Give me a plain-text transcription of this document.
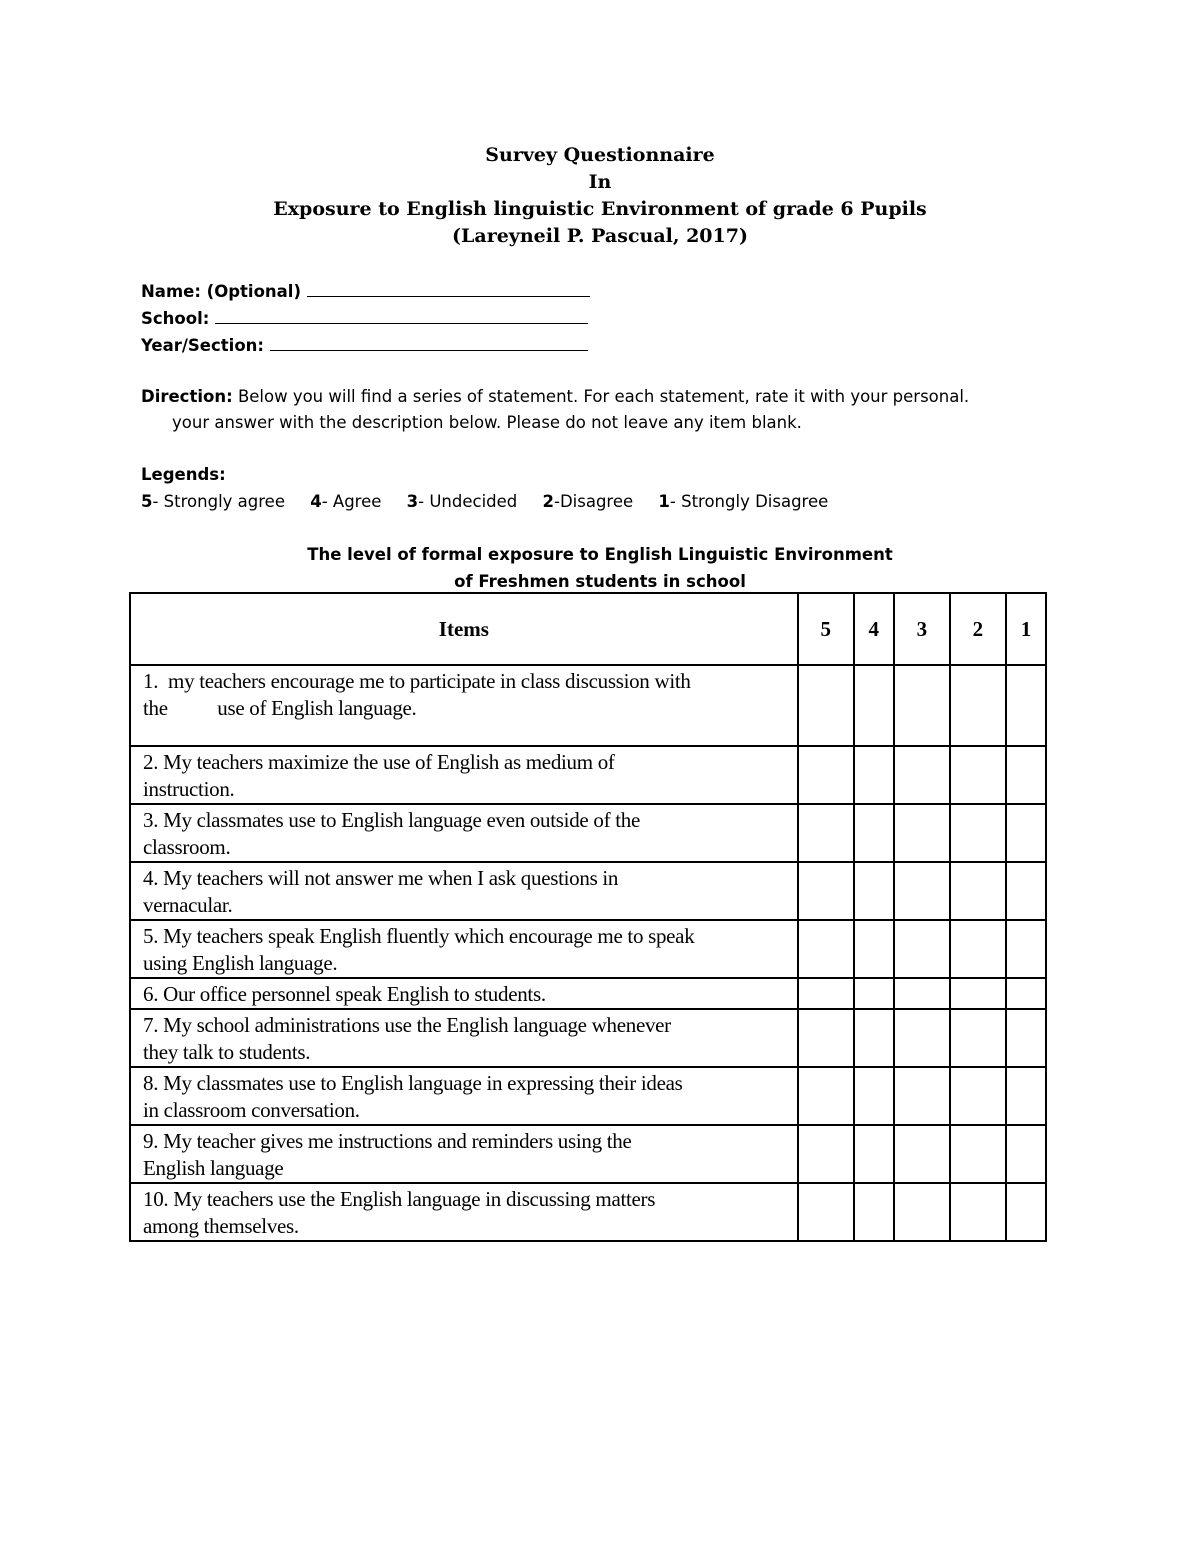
Survey Questionnaire
In
Exposure to English linguistic Environment of grade 6 Pupils
(Lareyneil P. Pascual, 2017)
Name: (Optional)
School:
Year/Section:
Direction: Below you will find a series of statement. For each statement, rate it with your personal.
your answer with the description below. Please do not leave any item blank.
Legends:
5- Strongly agree 4- Agree 3- Undecided 2-Disagree 1- Strongly Disagree
The level of formal exposure to English Linguistic Environment
of Freshmen students in school
Items	5	4	3	2	1

1.  my teachers encourage me to participate in class discussion with
the          use of English language.					

2. My teachers maximize the use of English as medium of
instruction.					

3. My classmates use to English language even outside of the
classroom.					

4. My teachers will not answer me when I ask questions in
vernacular.					

5. My teachers speak English fluently which encourage me to speak
using English language.					

6. Our office personnel speak English to students.					

7. My school administrations use the English language whenever
they talk to students.					

8. My classmates use to English language in expressing their ideas
in classroom conversation.					

9. My teacher gives me instructions and reminders using the
English language					

10. My teachers use the English language in discussing matters
among themselves.					
